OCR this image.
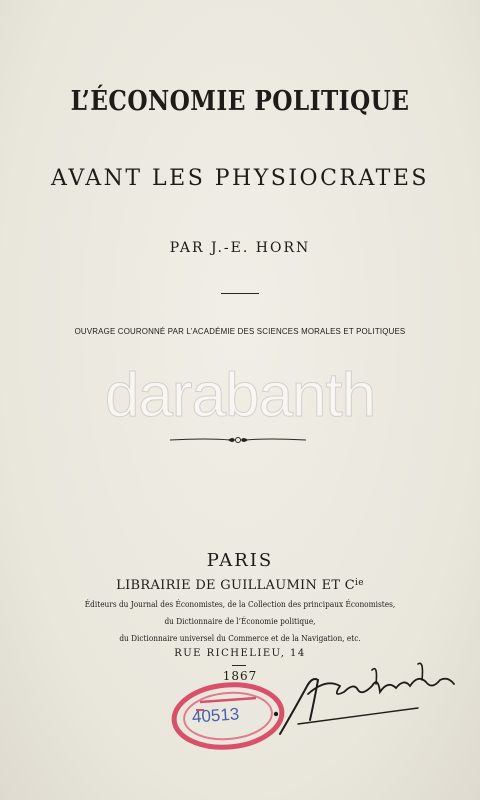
L’ÉCONOMIE POLITIQUE
AVANT LES PHYSIOCRATES
PAR J.-E. HORN
OUVRAGE COURONNÉ PAR L’ACADÉMIE DES SCIENCES MORALES ET POLITIQUES
darabanth
PARIS
LIBRAIRIE DE GUILLAUMIN ET $C^{ie}$
Éditeurs du Journal des Économistes, de la Collection des principaux Économistes,
du Dictionnaire de l’Économie politique,
du Dictionnaire universel du Commerce et de la Navigation, etc.
RUE RICHELIEU, 14
1867
40513
